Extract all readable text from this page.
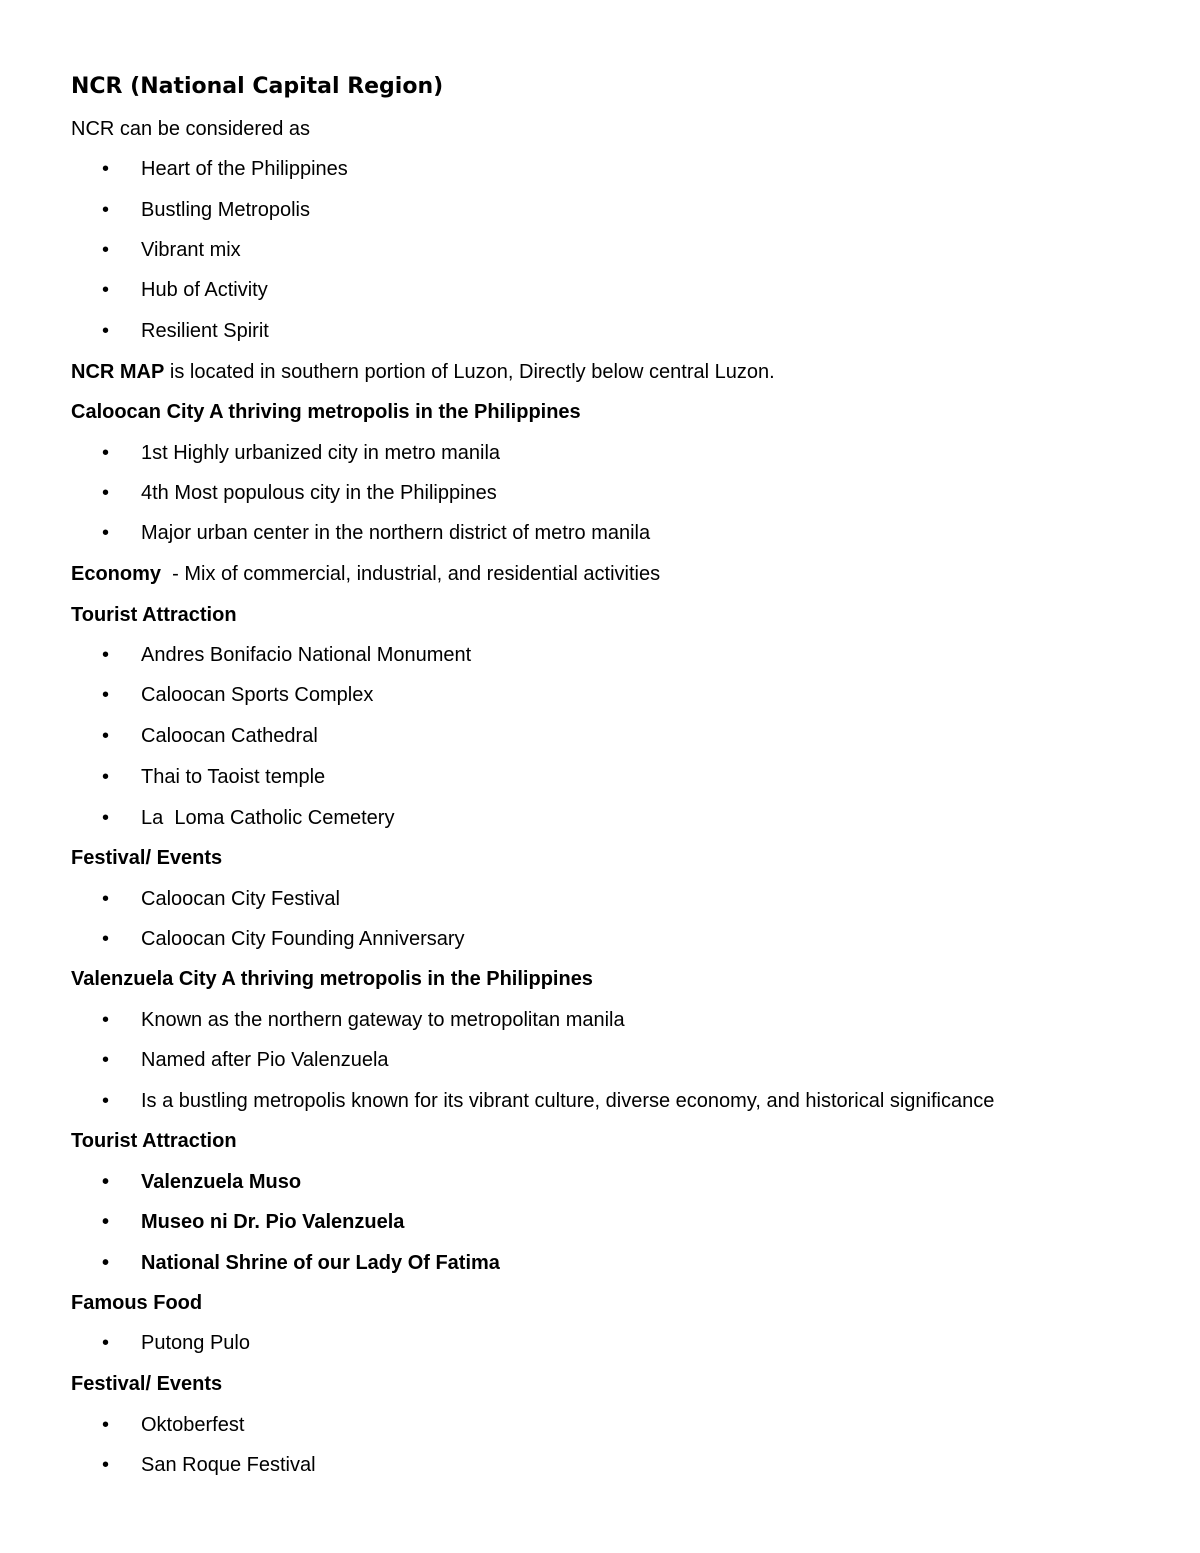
NCR (National Capital Region)
NCR can be considered as
•	Heart of the Philippines
•	Bustling Metropolis
•	Vibrant mix
•	Hub of Activity
•	Resilient Spirit
NCR MAP is located in southern portion of Luzon, Directly below central Luzon.
Caloocan City A thriving metropolis in the Philippines
•	1st Highly urbanized city in metro manila
•	4th Most populous city in the Philippines
•	Major urban center in the northern district of metro manila
Economy  - Mix of commercial, industrial, and residential activities
Tourist Attraction
•	Andres Bonifacio National Monument
•	Caloocan Sports Complex
•	Caloocan Cathedral
•	Thai to Taoist temple
•	La  Loma Catholic Cemetery
Festival/ Events
•	Caloocan City Festival
•	Caloocan City Founding Anniversary
Valenzuela City A thriving metropolis in the Philippines
•	Known as the northern gateway to metropolitan manila
•	Named after Pio Valenzuela
•	Is a bustling metropolis known for its vibrant culture, diverse economy, and historical significance
Tourist Attraction
•	Valenzuela Muso
•	Museo ni Dr. Pio Valenzuela
•	National Shrine of our Lady Of Fatima
Famous Food
•	Putong Pulo
Festival/ Events
•	Oktoberfest
•	San Roque Festival
